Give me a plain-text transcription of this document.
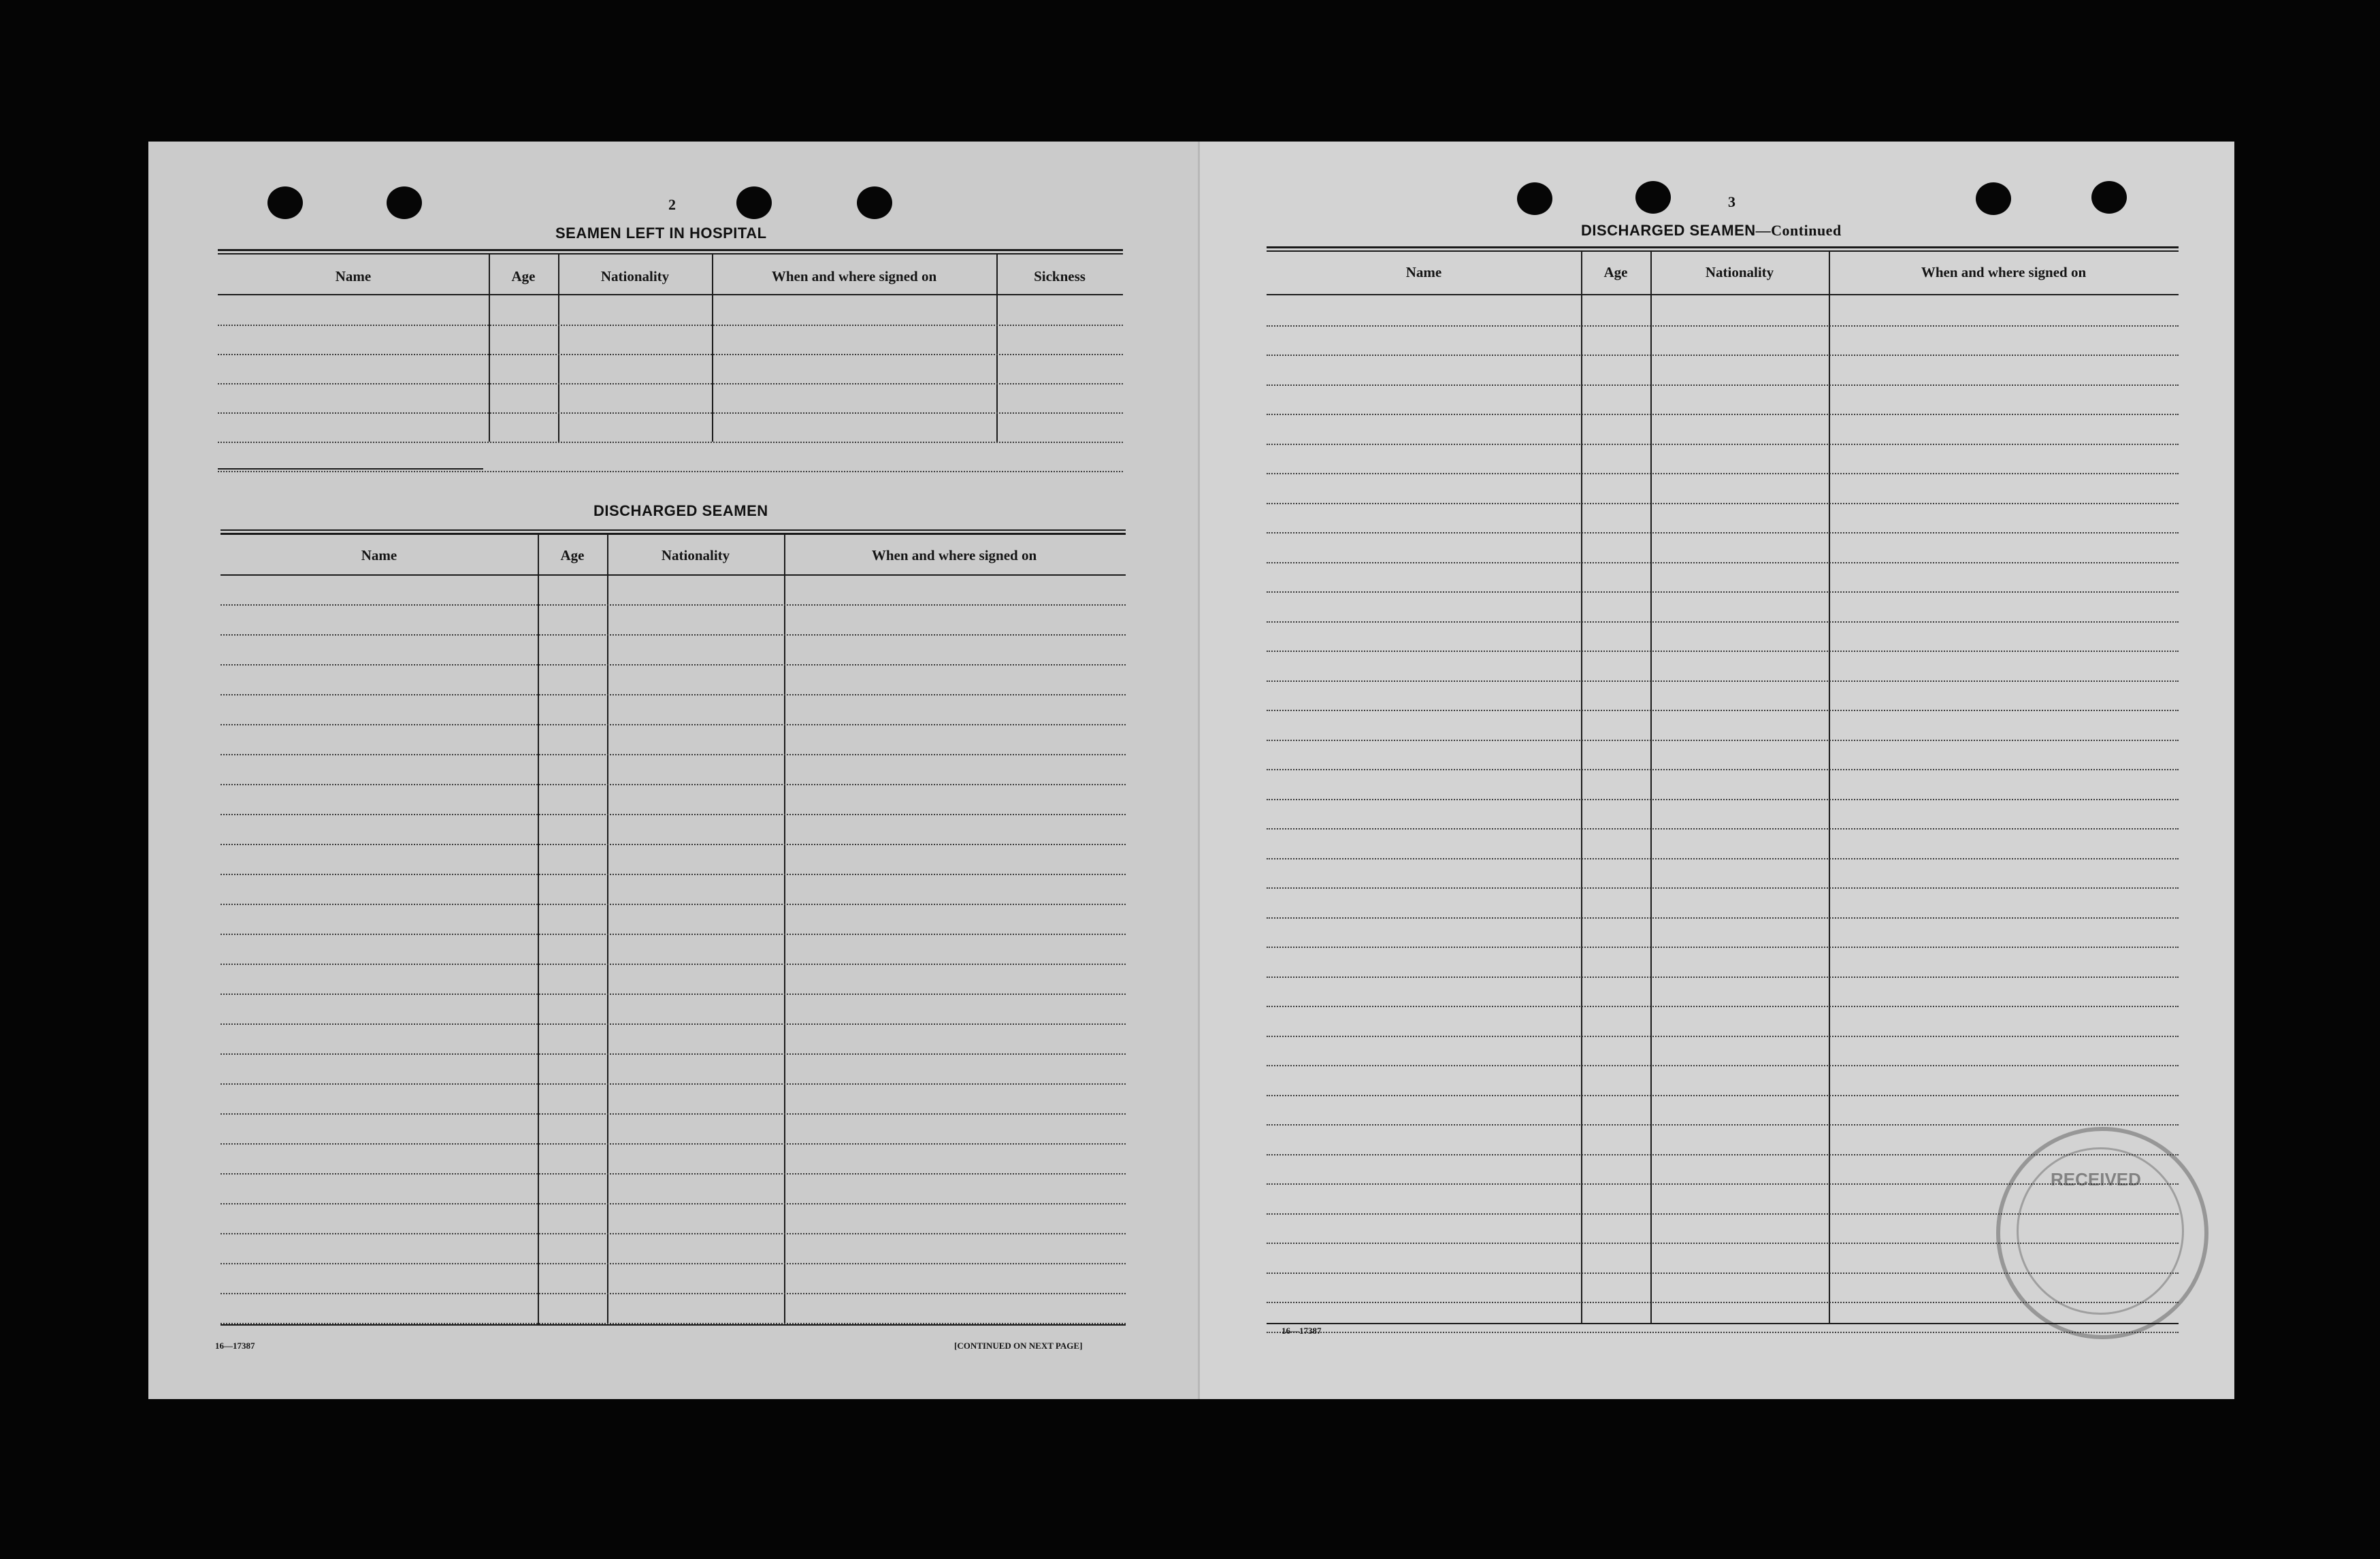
2
SEAMEN LEFT IN HOSPITAL
Name	Age	Nationality	When and where signed on	Sickness
DISCHARGED SEAMEN
Name	Age	Nationality	When and where signed on
16—17387	[CONTINUED ON NEXT PAGE]
3
DISCHARGED SEAMEN—Continued
Name	Age	Nationality	When and where signed on
RECEIVED
16—17387
